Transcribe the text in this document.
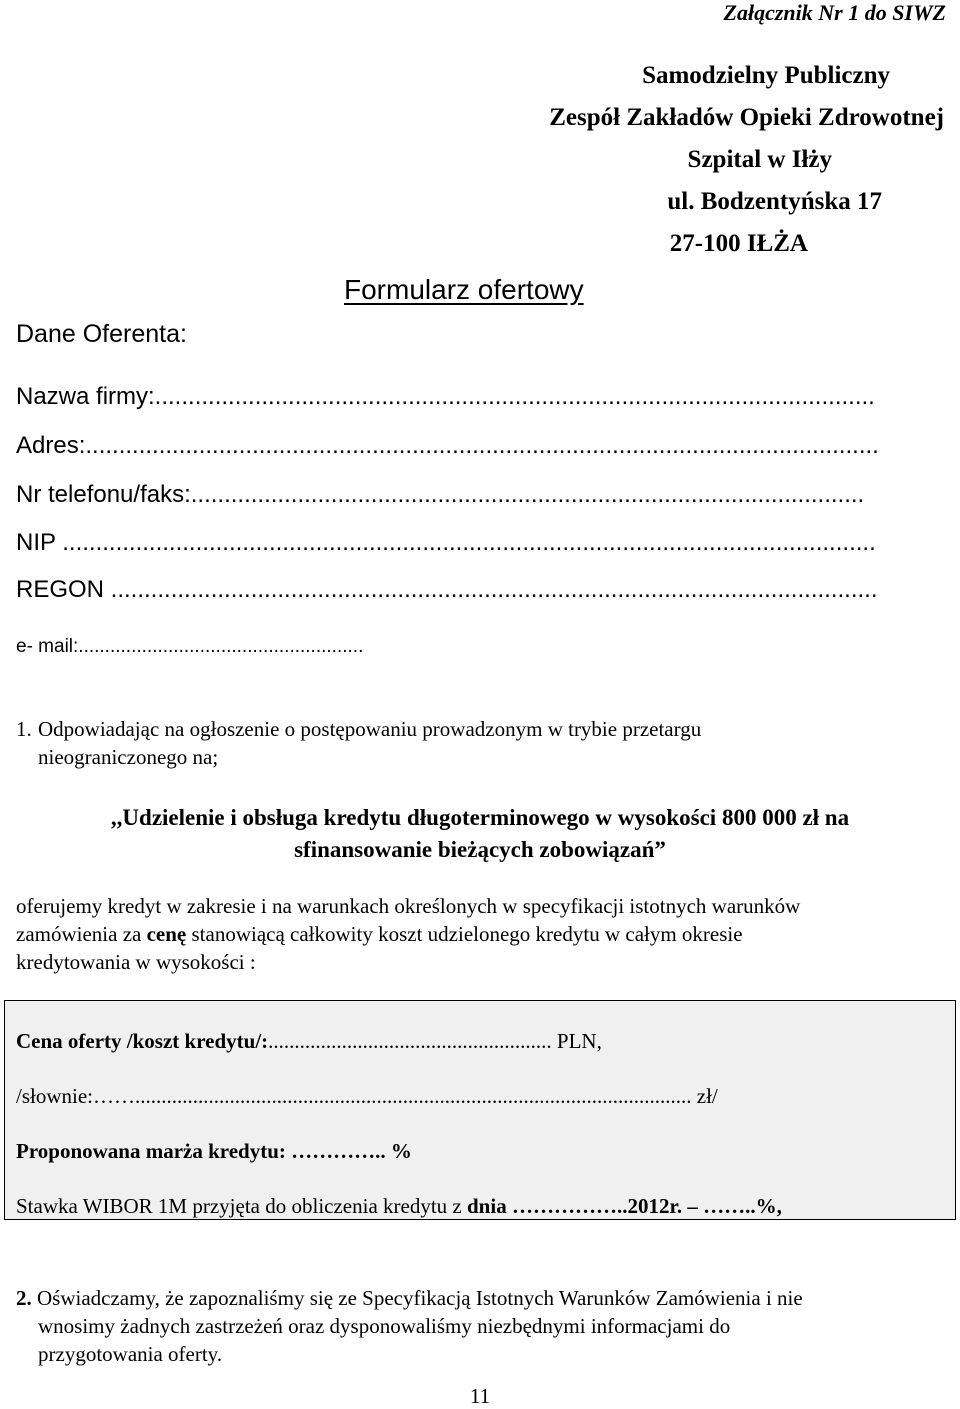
Załącznik Nr 1 do SIWZ
Samodzielny Publiczny
Zespół Zakładów Opieki Zdrowotnej
Szpital w Iłży
ul. Bodzentyńska 17
27-100 IŁŻA
Formularz ofertowy
Dane Oferenta:
Nazwa firmy:............................................................................................................
Adres:.......................................................................................................................
Nr telefonu/faks:.....................................................................................................
NIP ..........................................................................................................................
REGON ...................................................................................................................
e- mail:......................................................
1. Odpowiadając na ogłoszenie o postępowaniu prowadzonym w trybie przetargu
nieograniczonego na;
,,Udzielenie i obsługa kredytu długoterminowego w wysokości 800 000 zł na
sfinansowanie bieżących zobowiązań”
oferujemy kredyt w zakresie i na warunkach określonych w specyfikacji istotnych warunków
zamówienia za cenę stanowiącą całkowity koszt udzielonego kredytu w całym okresie
kredytowania w wysokości :
Cena oferty /koszt kredytu/:...................................................... PLN,
/słownie:…….......................................................................................................... zł/
Proponowana marża kredytu: ………….. %
Stawka WIBOR 1M przyjęta do obliczenia kredytu z dnia ……………..2012r. – ……..%,
2. Oświadczamy, że zapoznaliśmy się ze Specyfikacją Istotnych Warunków Zamówienia i nie
wnosimy żadnych zastrzeżeń oraz dysponowaliśmy niezbędnymi informacjami do
przygotowania oferty.
11
